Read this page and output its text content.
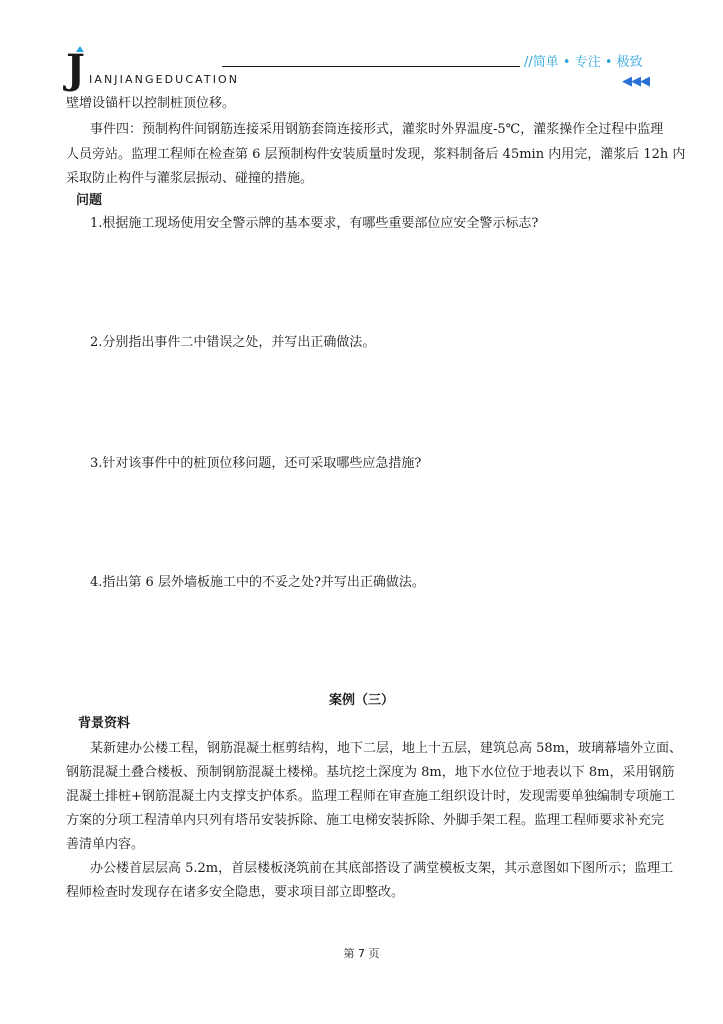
J IANJIANGEDUCATION
//简单 • 专注 • 极致
◀◀◀
壁增设锚杆以控制桩顶位移。
事件四：预制构件间钢筋连接采用钢筋套筒连接形式，灌浆时外界温度-5℃，灌浆操作全过程中监理
人员旁站。监理工程师在检查第 6 层预制构件安装质量时发现，浆料制备后 45min 内用完，灌浆后 12h 内
采取防止构件与灌浆层振动、碰撞的措施。
问题
1.根据施工现场使用安全警示牌的基本要求，有哪些重要部位应安全警示标志?
2.分别指出事件二中错误之处，并写出正确做法。
3.针对该事件中的桩顶位移问题，还可采取哪些应急措施?
4.指出第 6 层外墙板施工中的不妥之处?并写出正确做法。
案例（三）
背景资料
某新建办公楼工程，钢筋混凝土框剪结构，地下二层，地上十五层，建筑总高 58m，玻璃幕墙外立面、
钢筋混凝土叠合楼板、预制钢筋混凝土楼梯。基坑挖土深度为 8m，地下水位位于地表以下 8m，采用钢筋
混凝土排桩+钢筋混凝土内支撑支护体系。监理工程师在审查施工组织设计时，发现需要单独编制专项施工
方案的分项工程清单内只列有塔吊安装拆除、施工电梯安装拆除、外脚手架工程。监理工程师要求补充完
善清单内容。
办公楼首层层高 5.2m，首层楼板浇筑前在其底部搭设了满堂模板支架，其示意图如下图所示；监理工
程师检查时发现存在诸多安全隐患，要求项目部立即整改。
第 7 页
